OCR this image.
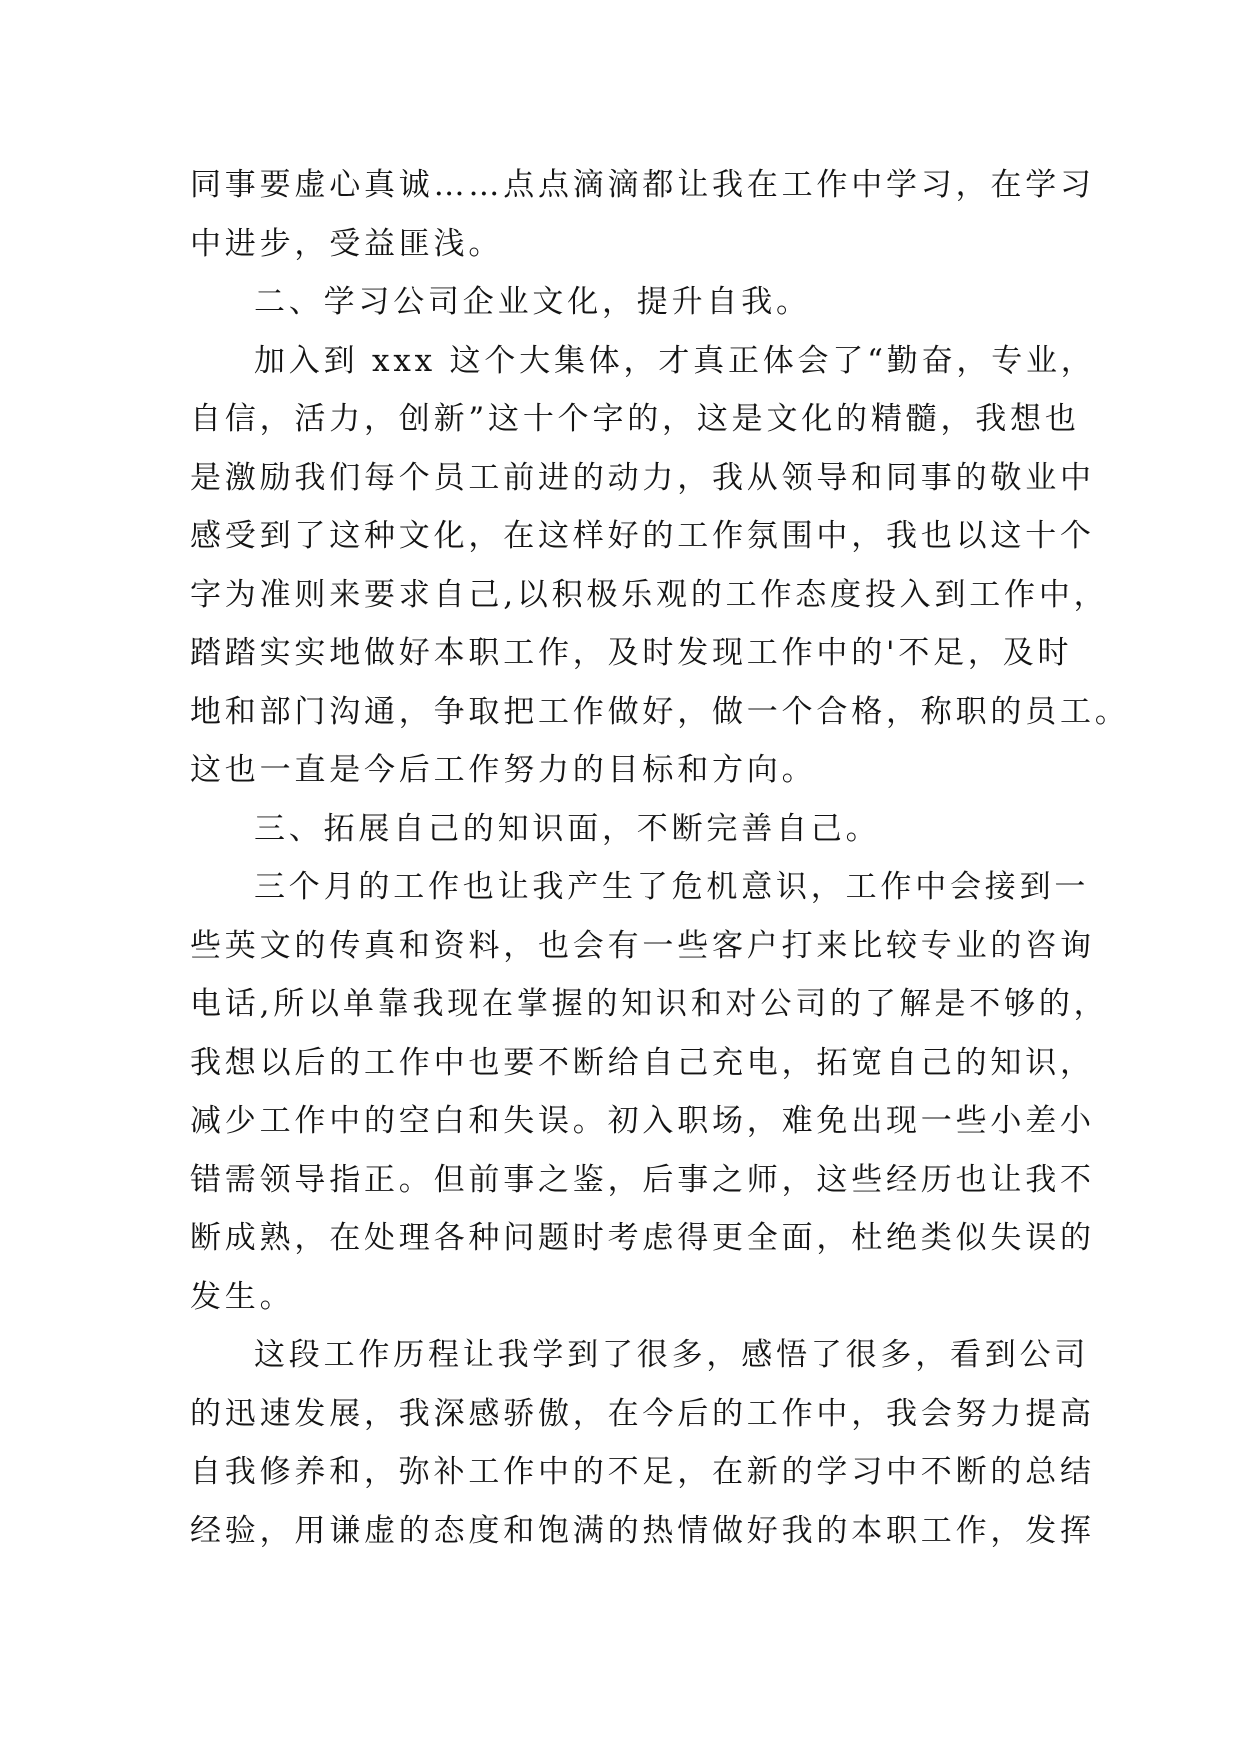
同事要虚心真诚……点点滴滴都让我在工作中学习，在学习
中进步，受益匪浅。
二、学习公司企业文化，提升自我。
加入到 xxx 这个大集体，才真正体会了“勤奋，专业，
自信，活力，创新”这十个字的，这是文化的精髓，我想也
是激励我们每个员工前进的动力，我从领导和同事的敬业中
感受到了这种文化，在这样好的工作氛围中，我也以这十个
字为准则来要求自己,以积极乐观的工作态度投入到工作中，
踏踏实实地做好本职工作，及时发现工作中的'不足，及时
地和部门沟通，争取把工作做好，做一个合格，称职的员工。
这也一直是今后工作努力的目标和方向。
三、拓展自己的知识面，不断完善自己。
三个月的工作也让我产生了危机意识，工作中会接到一
些英文的传真和资料，也会有一些客户打来比较专业的咨询
电话,所以单靠我现在掌握的知识和对公司的了解是不够的，
我想以后的工作中也要不断给自己充电，拓宽自己的知识，
减少工作中的空白和失误。初入职场，难免出现一些小差小
错需领导指正。但前事之鉴，后事之师，这些经历也让我不
断成熟，在处理各种问题时考虑得更全面，杜绝类似失误的
发生。
这段工作历程让我学到了很多，感悟了很多，看到公司
的迅速发展，我深感骄傲，在今后的工作中，我会努力提高
自我修养和，弥补工作中的不足，在新的学习中不断的总结
经验，用谦虚的态度和饱满的热情做好我的本职工作，发挥
